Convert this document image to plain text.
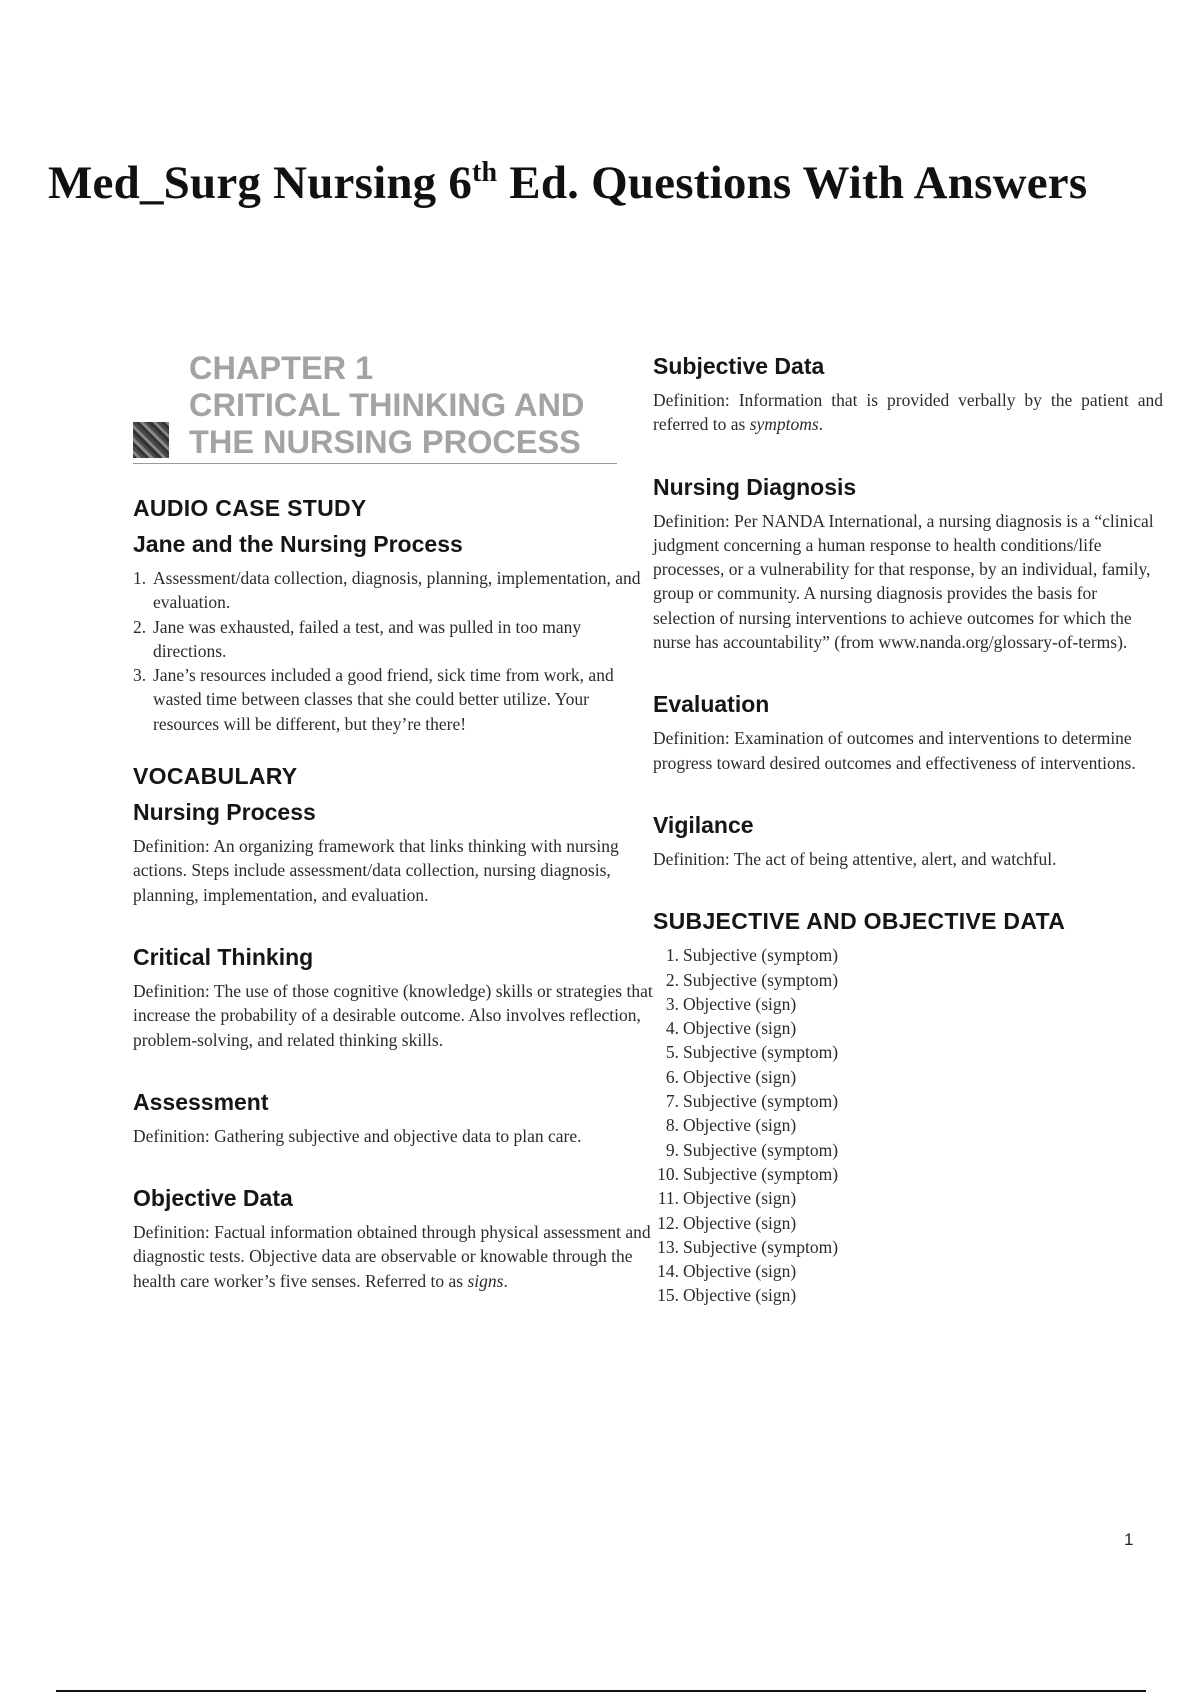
Med_Surg Nursing 6th Ed. Questions With Answers
CHAPTER 1
CRITICAL THINKING AND
THE NURSING PROCESS
AUDIO CASE STUDY
Jane and the Nursing Process
1. Assessment/data collection, diagnosis, planning, implementation, and evaluation.
2. Jane was exhausted, failed a test, and was pulled in too many directions.
3. Jane’s resources included a good friend, sick time from work, and wasted time between classes that she could better utilize. Your resources will be different, but they’re there!
VOCABULARY
Nursing Process

Definition: An organizing framework that links thinking with nursing actions. Steps include assessment/data collection, nursing diagnosis, planning, implementation, and evaluation.

Critical Thinking

Definition: The use of those cognitive (knowledge) skills or strategies that increase the probability of a desirable outcome. Also involves reflection, problem-solving, and related thinking skills.

Assessment

Definition: Gathering subjective and objective data to plan care.

Objective Data

Definition: Factual information obtained through physical assessment and diagnostic tests. Objective data are observable or knowable through the health care worker’s five senses. Referred to as signs.

Subjective Data

Definition: Information that is provided verbally by the patient and referred to as symptoms.

Nursing Diagnosis

Definition: Per NANDA International, a nursing diagnosis is a “clinical judgment concerning a human response to health conditions/life processes, or a vulnerability for that response, by an individual, family, group or community. A nursing diagnosis provides the basis for selection of nursing interventions to achieve outcomes for which the nurse has accountability” (from www.nanda.org/glossary-of-terms).

Evaluation

Definition: Examination of outcomes and interventions to determine progress toward desired outcomes and effectiveness of interventions.

Vigilance

Definition: The act of being attentive, alert, and watchful.

SUBJECTIVE AND OBJECTIVE DATA
1. Subjective (symptom)
2. Subjective (symptom)
3. Objective (sign)
4. Objective (sign)
5. Subjective (symptom)
6. Objective (sign)
7. Subjective (symptom)
8. Objective (sign)
9. Subjective (symptom)
10. Subjective (symptom)
11. Objective (sign)
12. Objective (sign)
13. Subjective (symptom)
14. Objective (sign)
15. Objective (sign)
1
